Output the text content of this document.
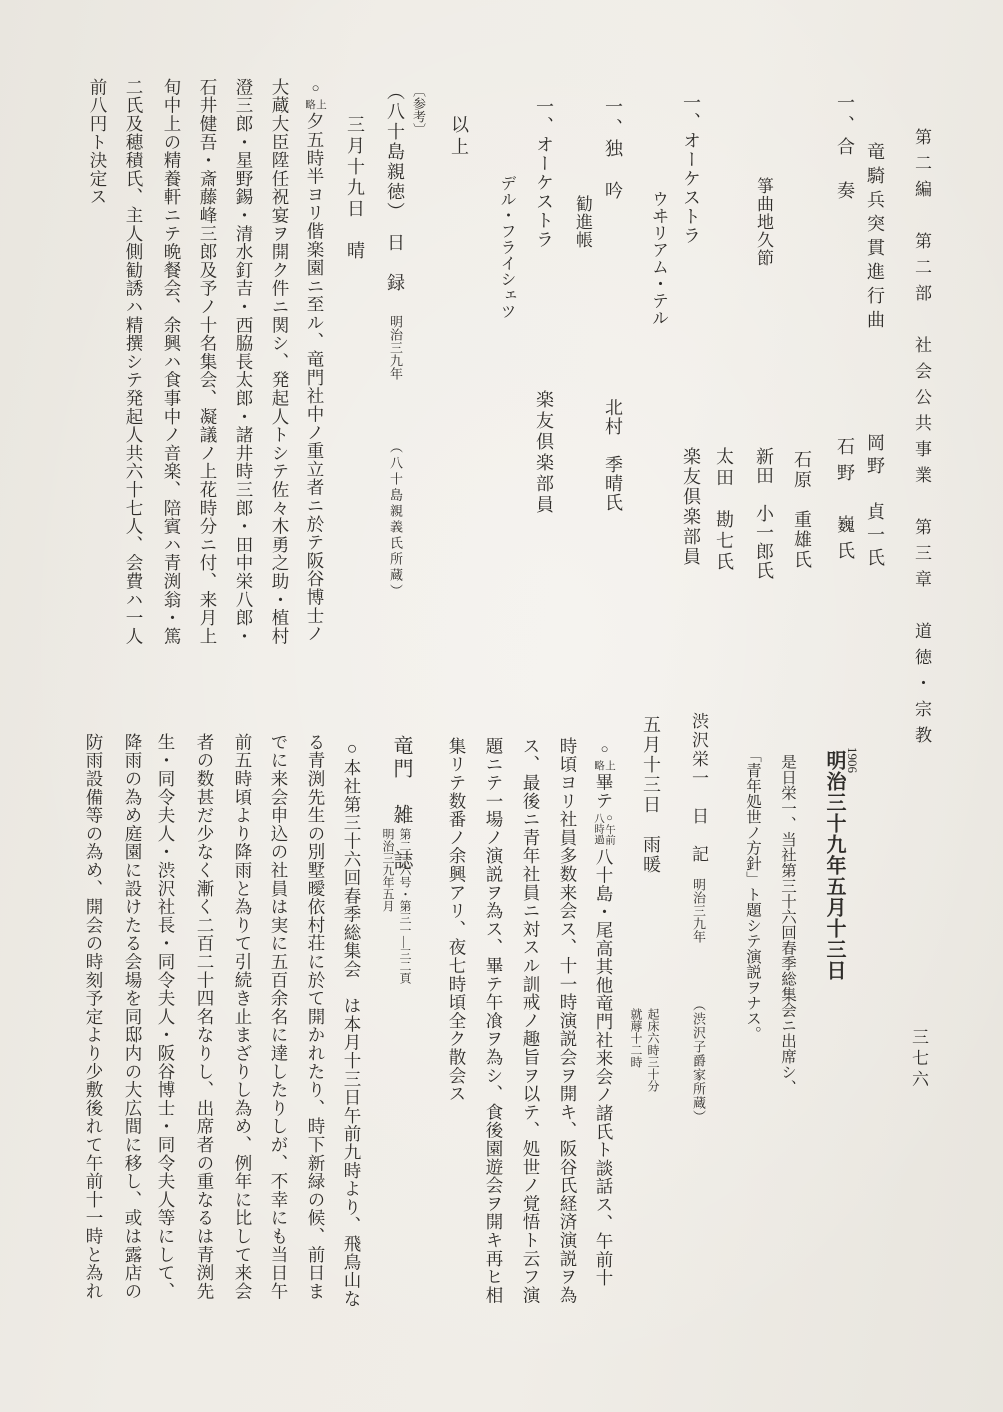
第二編　第二部　社会公共事業　第三章　道徳・宗教
竜騎兵突貫進行曲
岡野　貞一氏
一、合　奏
石野　巍氏
石原　重雄氏
箏曲地久節
新田　小一郎氏
太田　勘七氏
一、オーケストラ
楽友倶楽部員
ウヰリアム・テル
一、独　吟
北村　季晴氏
勧進帳
一、オーケストラ
楽友倶楽部員
デル・フライシェツ
以上
〔参考〕
（八十島親徳）　日　録明治三九年（八十島親義氏所蔵）
三月十九日　晴
○
上
略
夕五時半ヨリ偕楽園ニ至ル、竜門社中ノ重立者ニ於テ阪谷博士ノ
大蔵大臣陞任祝宴ヲ開ク件ニ関シ、発起人トシテ佐々木勇之助・植村
澄三郎・星野錫・清水釘吉・西脇長太郎・諸井時三郎・田中栄八郎・
石井健吾・斎藤峰三郎及予ノ十名集会、凝議ノ上花時分ニ付、来月上
旬中上の精養軒ニテ晩餐会、余興ハ食事中ノ音楽、陪賓ハ青渕翁・篤
二氏及穂積氏、主人側勧誘ハ精撰シテ発起人共六十七人、会費ハ一人
前八円ト決定ス
1906
明治三十九年五月十三日
是日栄一、当社第三十六回春季総集会ニ出席シ、
「青年処世ノ方針」ト題シテ演説ヲナス。
渋沢栄一　日　記明治三九年（渋沢子爵家所蔵）
五月十三日　雨暖
起床六時三十分
就蓐十二時
○
上
略
畢テ
○午前
八時過
八十島・尾高其他竜門社来会ノ諸氏ト談話ス、午前十
時頃ヨリ社員多数来会ス、十一時演説会ヲ開キ、阪谷氏経済演説ヲ為
ス、最後ニ青年社員ニ対スル訓戒ノ趣旨ヲ以テ、処世ノ覚悟ト云フ演
題ニテ一場ノ演説ヲ為ス、畢テ午飡ヲ為シ、食後園遊会ヲ開キ再ヒ相
集リテ数番ノ余興アリ、夜七時頃全ク散会ス
竜門　雑　誌
第二一六号・第三一―三二頁
明治三九年五月
○本社第三十六回春季総集会　は本月十三日午前九時より、飛鳥山な
る青渕先生の別墅曖依村荘に於て開かれたり、時下新緑の候、前日ま
でに来会申込の社員は実に五百余名に達したりしが、不幸にも当日午
前五時頃より降雨と為りて引続き止まざりし為め、例年に比して来会
者の数甚だ少なく漸く二百二十四名なりし、出席者の重なるは青渕先
生・同令夫人・渋沢社長・同令夫人・阪谷博士・同令夫人等にして、
降雨の為め庭園に設けたる会場を同邸内の大広間に移し、或は露店の
防雨設備等の為め、開会の時刻予定より少敷後れて午前十一時と為れ	三七六
